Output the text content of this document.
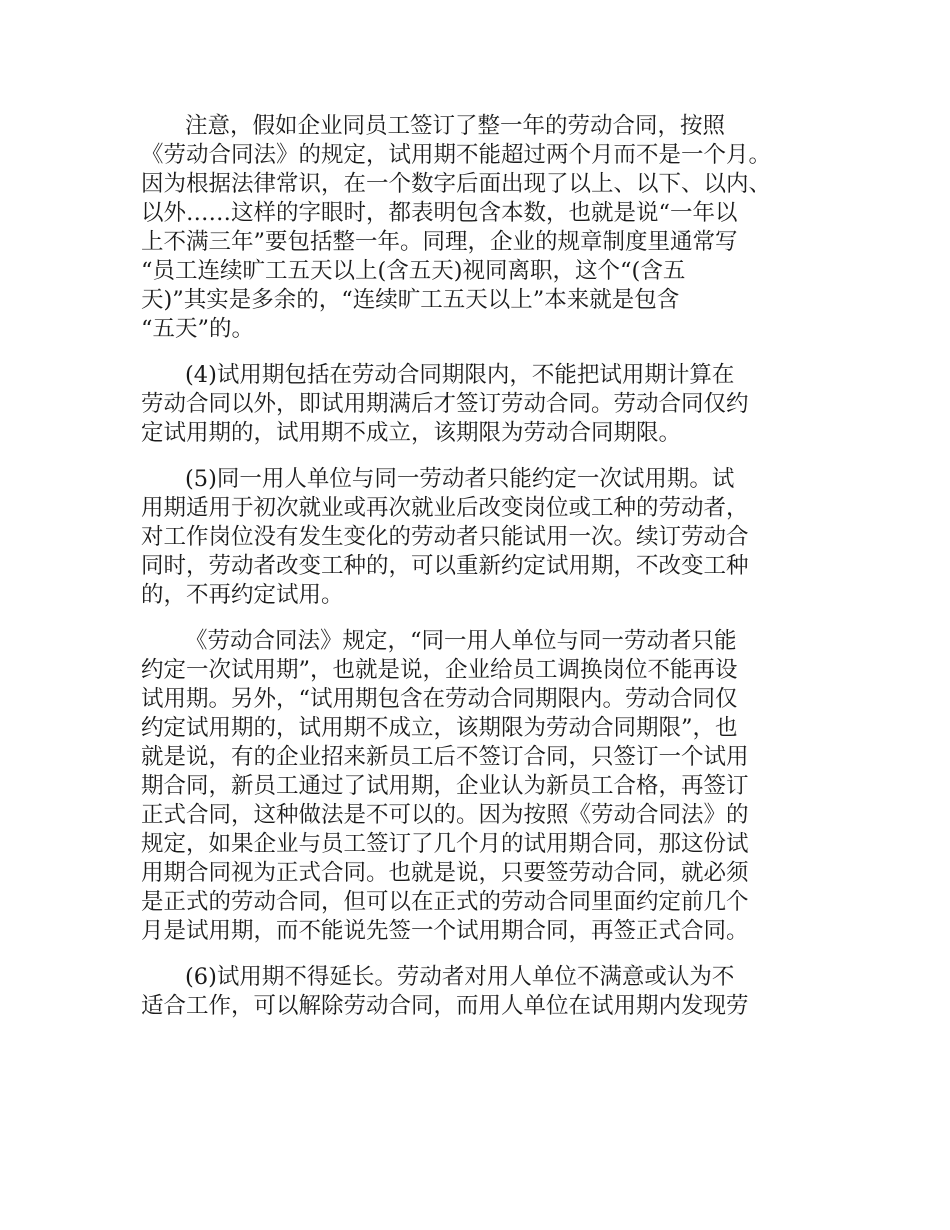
注意，假如企业同员工签订了整一年的劳动合同，按照
《劳动合同法》的规定，试用期不能超过两个月而不是一个月。
因为根据法律常识，在一个数字后面出现了以上、以下、以内、
以外……这样的字眼时，都表明包含本数，也就是说“一年以
上不满三年”要包括整一年。同理，企业的规章制度里通常写
“员工连续旷工五天以上(含五天)视同离职，这个“(含五
天)”其实是多余的，“连续旷工五天以上”本来就是包含
“五天”的。

(4)试用期包括在劳动合同期限内，不能把试用期计算在
劳动合同以外，即试用期满后才签订劳动合同。劳动合同仅约
定试用期的，试用期不成立，该期限为劳动合同期限。

(5)同一用人单位与同一劳动者只能约定一次试用期。试
用期适用于初次就业或再次就业后改变岗位或工种的劳动者，
对工作岗位没有发生变化的劳动者只能试用一次。续订劳动合
同时，劳动者改变工种的，可以重新约定试用期，不改变工种
的，不再约定试用。

《劳动合同法》规定，“同一用人单位与同一劳动者只能
约定一次试用期”，也就是说，企业给员工调换岗位不能再设
试用期。另外，“试用期包含在劳动合同期限内。劳动合同仅
约定试用期的，试用期不成立，该期限为劳动合同期限”，也
就是说，有的企业招来新员工后不签订合同，只签订一个试用
期合同，新员工通过了试用期，企业认为新员工合格，再签订
正式合同，这种做法是不可以的。因为按照《劳动合同法》的
规定，如果企业与员工签订了几个月的试用期合同，那这份试
用期合同视为正式合同。也就是说，只要签劳动合同，就必须
是正式的劳动合同，但可以在正式的劳动合同里面约定前几个
月是试用期，而不能说先签一个试用期合同，再签正式合同。

(6)试用期不得延长。劳动者对用人单位不满意或认为不
适合工作，可以解除劳动合同，而用人单位在试用期内发现劳
